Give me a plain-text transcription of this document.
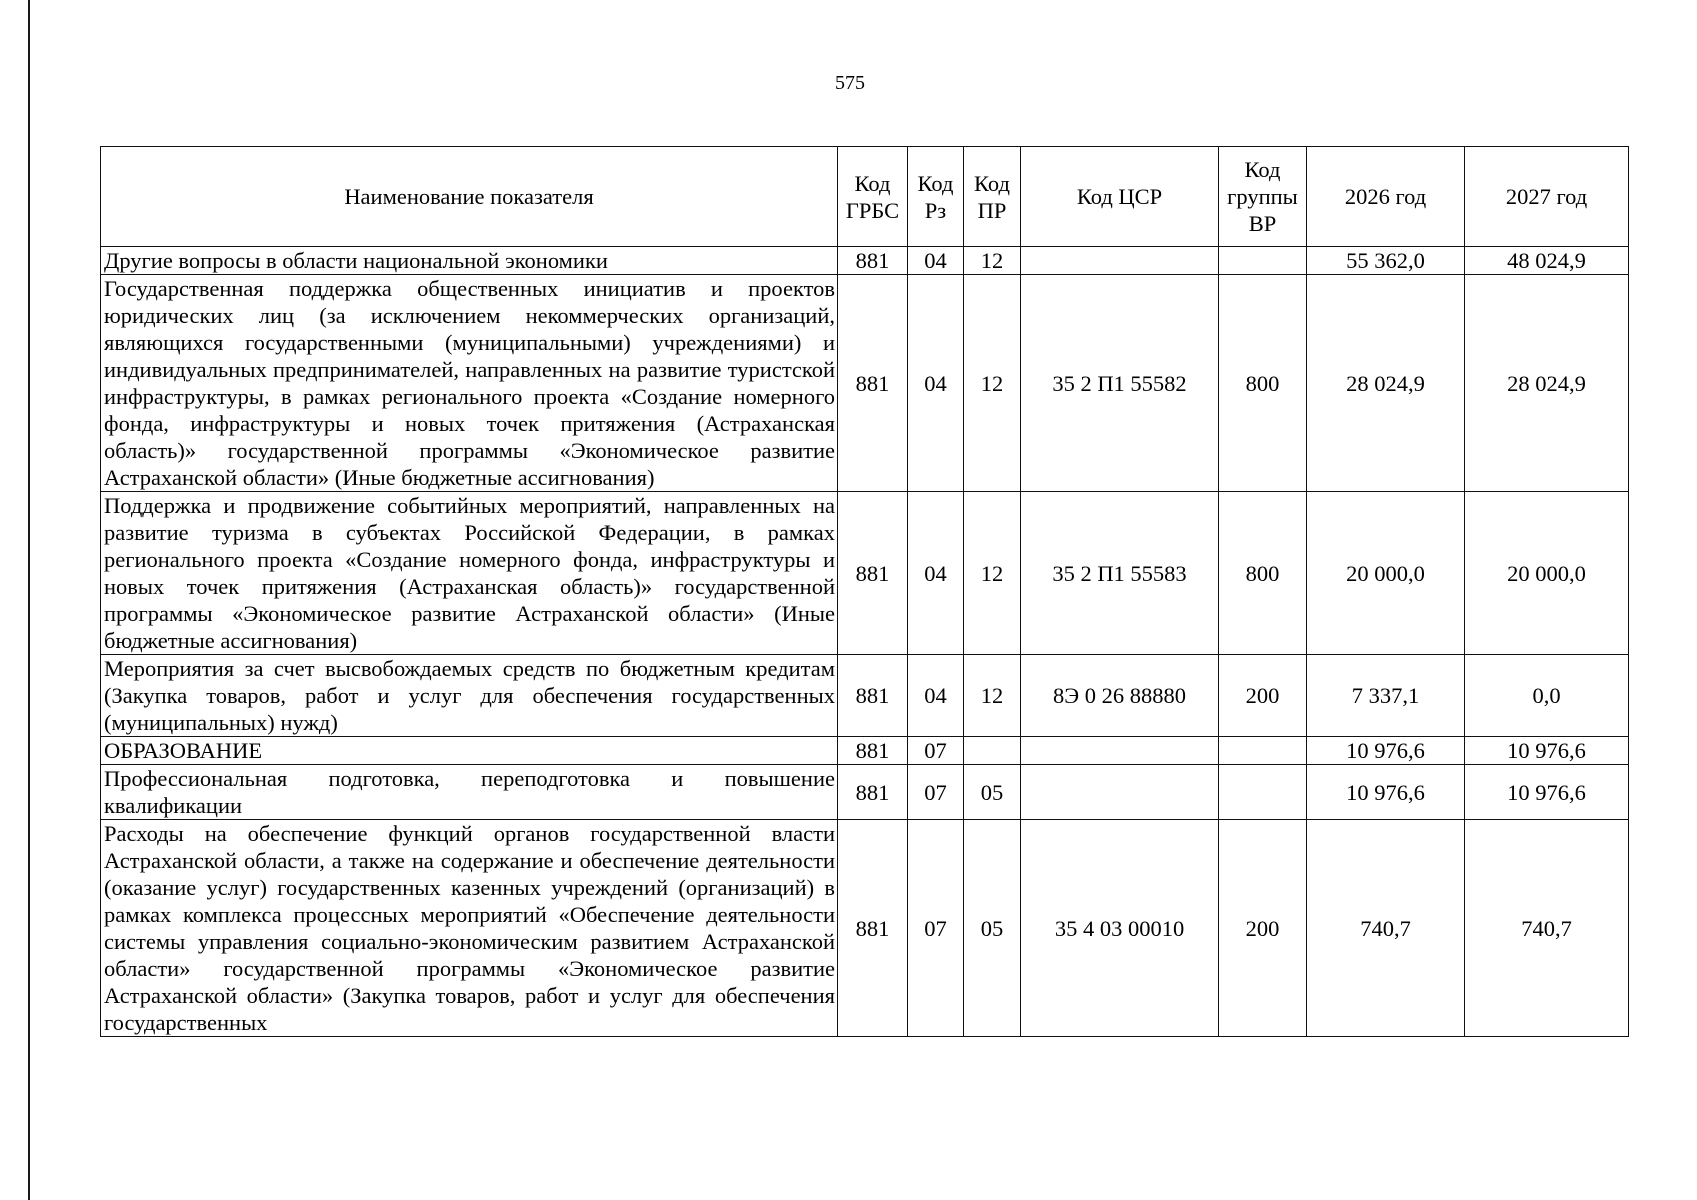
575
Наименование показателя	Код ГРБС	Код Рз	Код ПР	Код ЦСР	Код группы ВР	2026 год	2027 год
Другие вопросы в области национальной экономики	881	04	12			55 362,0	48 024,9
Государственная поддержка общественных инициатив и проектов юридических лиц (за исключением некоммерческих организаций, являющихся государственными (муниципальными) учреждениями) и индивидуальных предпринимателей, направленных на развитие туристской инфраструктуры, в рамках регионального проекта «Создание номерного фонда, инфраструктуры и новых точек притяжения (Астраханская область)» государственной программы «Экономическое развитие Астраханской области» (Иные бюджетные ассигнования)	881	04	12	35 2 П1 55582	800	28 024,9	28 024,9
Поддержка и продвижение событийных мероприятий, направленных на развитие туризма в субъектах Российской Федерации, в рамках регионального проекта «Создание номерного фонда, инфраструктуры и новых точек притяжения (Астраханская область)» государственной программы «Экономическое развитие Астраханской области» (Иные бюджетные ассигнования)	881	04	12	35 2 П1 55583	800	20 000,0	20 000,0
Мероприятия за счет высвобождаемых средств по бюджетным кредитам (Закупка товаров, работ и услуг для обеспечения государственных (муниципальных) нужд)	881	04	12	8Э 0 26 88880	200	7 337,1	0,0
ОБРАЗОВАНИЕ	881	07				10 976,6	10 976,6
Профессиональная подготовка, переподготовка и повышение квалификации	881	07	05			10 976,6	10 976,6
Расходы на обеспечение функций органов государственной власти Астраханской области, а также на содержание и обеспечение деятельности (оказание услуг) государственных казенных учреждений (организаций) в рамках комплекса процессных мероприятий «Обеспечение деятельности системы управления социально-экономическим развитием Астраханской области» государственной программы «Экономическое развитие Астраханской области» (Закупка товаров, работ и услуг для обеспечения государственных	881	07	05	35 4 03 00010	200	740,7	740,7
